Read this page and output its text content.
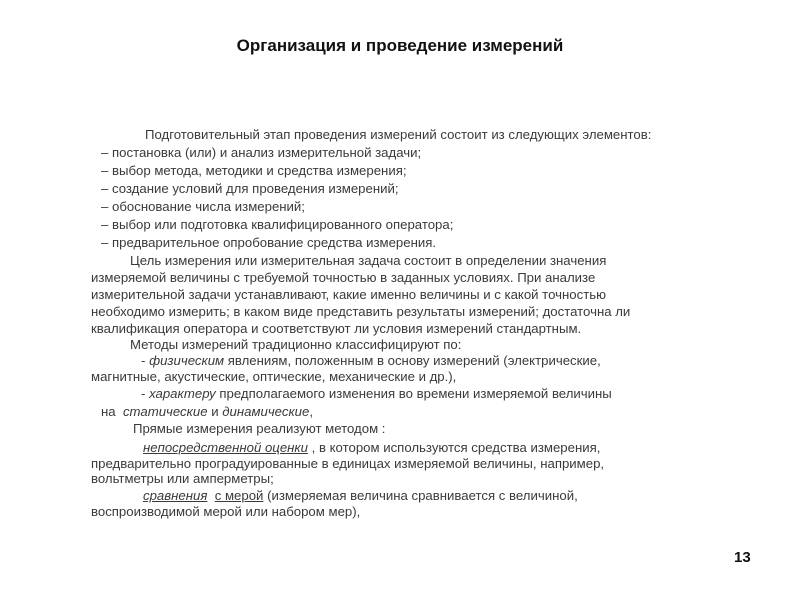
Организация и проведение измерений
Подготовительный этап проведения измерений состоит из следующих элементов:
– постановка (или) и анализ измерительной задачи;
– выбор метода, методики и средства измерения;
– создание условий для проведения измерений;
– обоснование числа измерений;
– выбор или подготовка квалифицированного оператора;
– предварительное опробование средства измерения.
Цель измерения или измерительная задача состоит в определении значения
измеряемой величины с требуемой точностью в заданных условиях. При анализе
измерительной задачи устанавливают, какие именно величины и с какой точностью
необходимо измерить; в каком виде представить результаты измерений; достаточна ли
квалификация оператора и соответствуют ли условия измерений стандартным.
Методы измерений традиционно классифицируют по:
- физическим явлениям, положенным в основу измерений (электрические,
магнитные, акустические, оптические, механические и др.),
- характеру предполагаемого изменения во времени измеряемой величины
на  статические и динамические,
Прямые измерения реализуют методом :
непосредственной оценки , в котором используются средства измерения,
предварительно проградуированные в единицах измеряемой величины, например,
вольтметры или амперметры;
сравнения с мерой (измеряемая величина сравнивается с величиной,
воспроизводимой мерой или набором мер),
13
